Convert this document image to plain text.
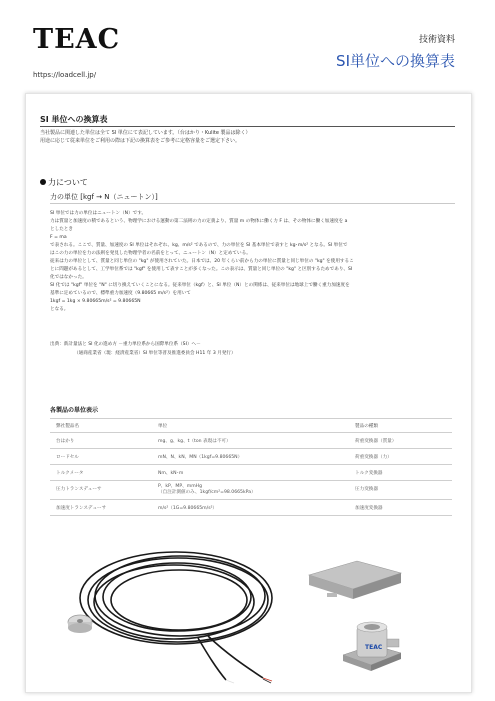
TEAC	技術資料
SI単位への換算表
https://loadcell.jp/
SI 単位への換算表
当社製品に関連した単位は全て SI 単位にて表記しています。（台はかり・Kulite 製品は除く）
用途に応じて従来単位をご利用の際は下記の換算表をご参考に定格容量をご選定下さい。
力について
力の単位 [kgf → N（ニュートン）]

SI 単位では力の単位はニュートン（N）です。

力は質量と加速度の積であるという、物理学における運動の第二法則の力の定義より、質量 m の物体に働く力 F は、その物体に働く加速度を a

としたとき

F = ma

で表される。ここで、質量、加速度の SI 単位はそれぞれ、kg、m/s² であるので、力の単位を SI 基本単位で表すと kg･m/s² となる。SI 単位で

はこの力の単位を力の法則を発見した物理学者の名前をとって、ニュートン（N）と定めている。

従来は力の単位として、質量と同じ単位の "kg" が使用されていた。日本では、20 年くらい前から力の単位に質量と同じ単位の "kg" を使用するこ

とに問題があるとして、工学単位系では "kgf" を使用して表すことが多くなった。この表示は、質量と同じ単位の "kg" と区別するためであり、SI

化ではなかった。

SI 化では "kgf" 単位を "N" に切り換えていくことになる。従来単位（kgf）と、SI 単位（N）との関係は、従来単位は地球上で働く重力加速度を

基準に定めているので、標準重力加速度（9.80665 m/s²）を用いて

1kgf = 1kg × 9.80665m/s² = 9.80665N

となる。

出典：新計量法と SI 化の進め方 －重力単位系から国際単位系（SI）へ－

（通商産業省（現：経済産業省）SI 単位等普及推進委員会 H11 年 3 月発行）

各製品の単位表示
弊社製品名	単位	製品の種類
台はかり	mg、g、kg、t（ton 表現は不可）	荷重変換器（質量）
ロードセル	mN、N、kN、MN（1kgf=9.80665N）	荷重変換器（力）
トルクメータ	Nm、kN･m	トルク変換器
圧力トランスデューサ	P、kP、MP、mmHg
（自注計測値のみ、1kgf/cm²=98.0665kPa）	圧力変換器
加速度トランスデューサ	m/s²（1G=9.80665m/s²）	加速度変換器
TEAC
